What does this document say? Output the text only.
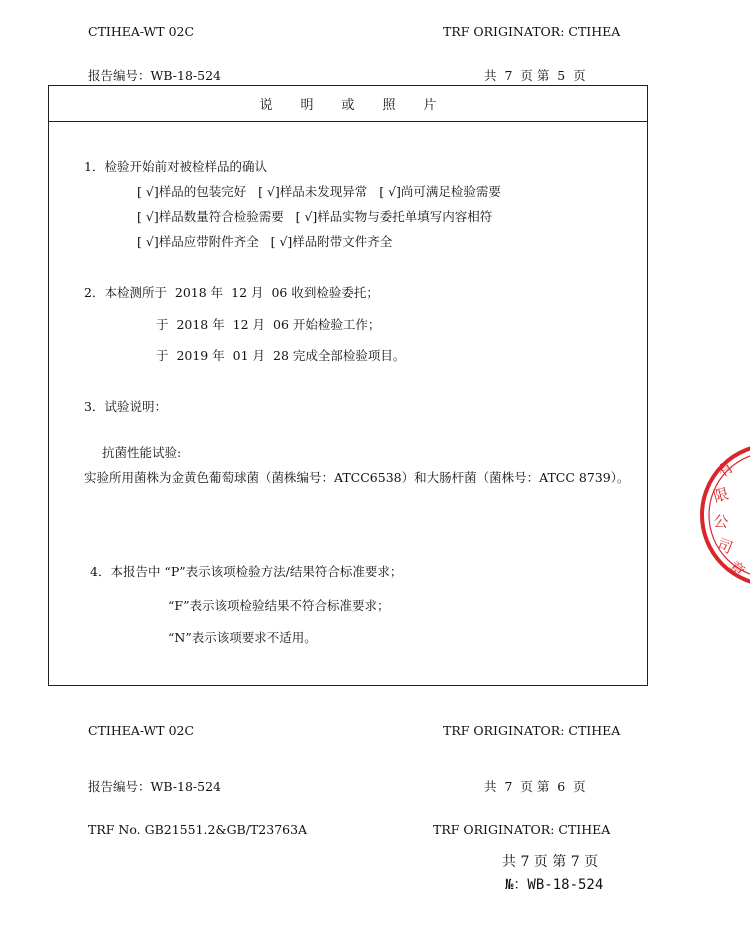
CTIHEA-WT 02C	TRF ORIGINATOR: CTIHEA
报告编号：WB-18-524	共  7  页 第  5  页
说明或照片
1．检验开始前对被检样品的确认
[ √]样品的包装完好   [ √]样品未发现异常   [ √]尚可满足检验需要
[ √]样品数量符合检验需要   [ √]样品实物与委托单填写内容相符
[ √]样品应带附件齐全   [ √]样品附带文件齐全
2．本检测所于  2018 年  12 月  06 收到检验委托；
于  2018 年  12 月  06 开始检验工作；
于  2019 年  01 月  28 完成全部检验项目。
3．试验说明：
抗菌性能试验:
实验所用菌株为金黄色葡萄球菌（菌株编号：ATCC6538）和大肠杆菌（菌株号：ATCC 8739）。
4．本报告中 “P”表示该项检验方法/结果符合标准要求；
“F”表示该项检验结果不符合标准要求；
“N”表示该项要求不适用。
CTIHEA-WT 02C	TRF ORIGINATOR: CTIHEA
报告编号：WB-18-524	共  7  页 第  6  页
TRF No. GB21551.2&GB/T23763A	TRF ORIGINATOR: CTIHEA
共 7 页 第 7 页
№：WB-18-524
有
限
公
司
章
